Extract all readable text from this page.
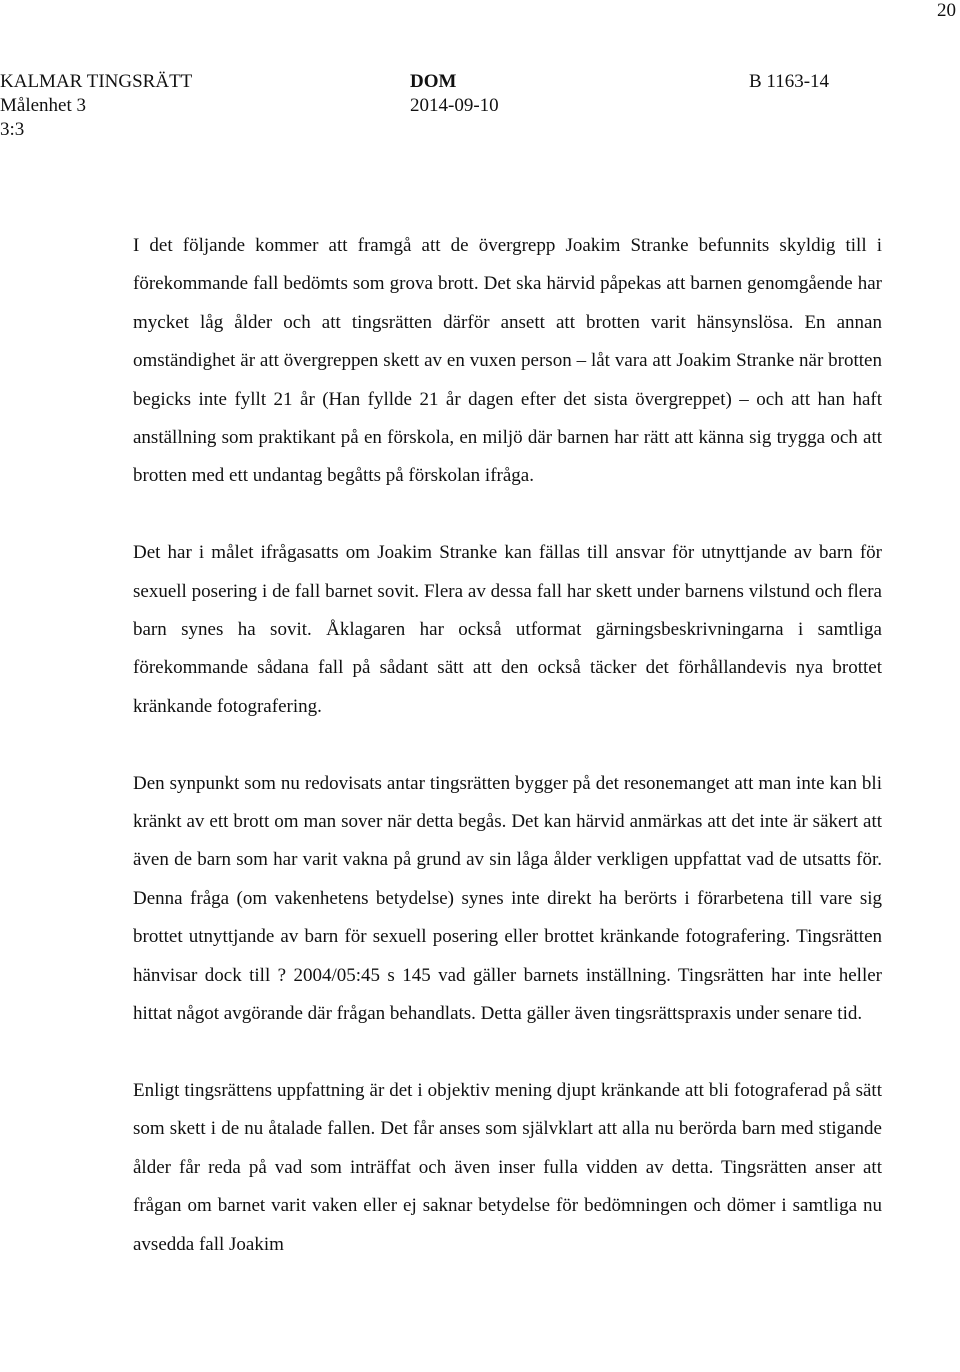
20
KALMAR TINGSRÄTT
Målenhet 3
3:3
DOM
2014-09-10
B 1163-14

I det följande kommer att framgå att de övergrepp Joakim Stranke befunnits skyldig till i förekommande fall bedömts som grova brott. Det ska härvid påpekas att barnen genomgående har mycket låg ålder och att tingsrätten därför ansett att brotten varit hänsynslösa. En annan omständighet är att övergreppen skett av en vuxen person – låt vara att Joakim Stranke när brotten begicks inte fyllt 21 år (Han fyllde 21 år dagen efter det sista övergreppet) – och att han haft anställning som praktikant på en förskola, en miljö där barnen har rätt att känna sig trygga och att brotten med ett undantag begåtts på förskolan ifråga.

Det har i målet ifrågasatts om Joakim Stranke kan fällas till ansvar för utnyttjande av barn för sexuell posering i de fall barnet sovit. Flera av dessa fall har skett under barnens vilstund och flera barn synes ha sovit. Åklagaren har också utformat gärningsbeskrivningarna i samtliga förekommande sådana fall på sådant sätt att den också täcker det förhållandevis nya brottet kränkande fotografering.

Den synpunkt som nu redovisats antar tingsrätten bygger på det resonemanget att man inte kan bli kränkt av ett brott om man sover när detta begås. Det kan härvid anmärkas att det inte är säkert att även de barn som har varit vakna på grund av sin låga ålder verkligen uppfattat vad de utsatts för. Denna fråga (om vakenhetens betydelse) synes inte direkt ha berörts i förarbetena till vare sig brottet utnyttjande av barn för sexuell posering eller brottet kränkande fotografering. Tingsrätten hänvisar dock till ? 2004/05:45 s 145 vad gäller barnets inställning. Tingsrätten har inte heller hittat något avgörande där frågan behandlats. Detta gäller även tingsrättspraxis under senare tid.

Enligt tingsrättens uppfattning är det i objektiv mening djupt kränkande att bli fotograferad på sätt som skett i de nu åtalade fallen. Det får anses som självklart att alla nu berörda barn med stigande ålder får reda på vad som inträffat och även inser fulla vidden av detta. Tingsrätten anser att frågan om barnet varit vaken eller ej saknar betydelse för bedömningen och dömer i samtliga nu avsedda fall Joakim
